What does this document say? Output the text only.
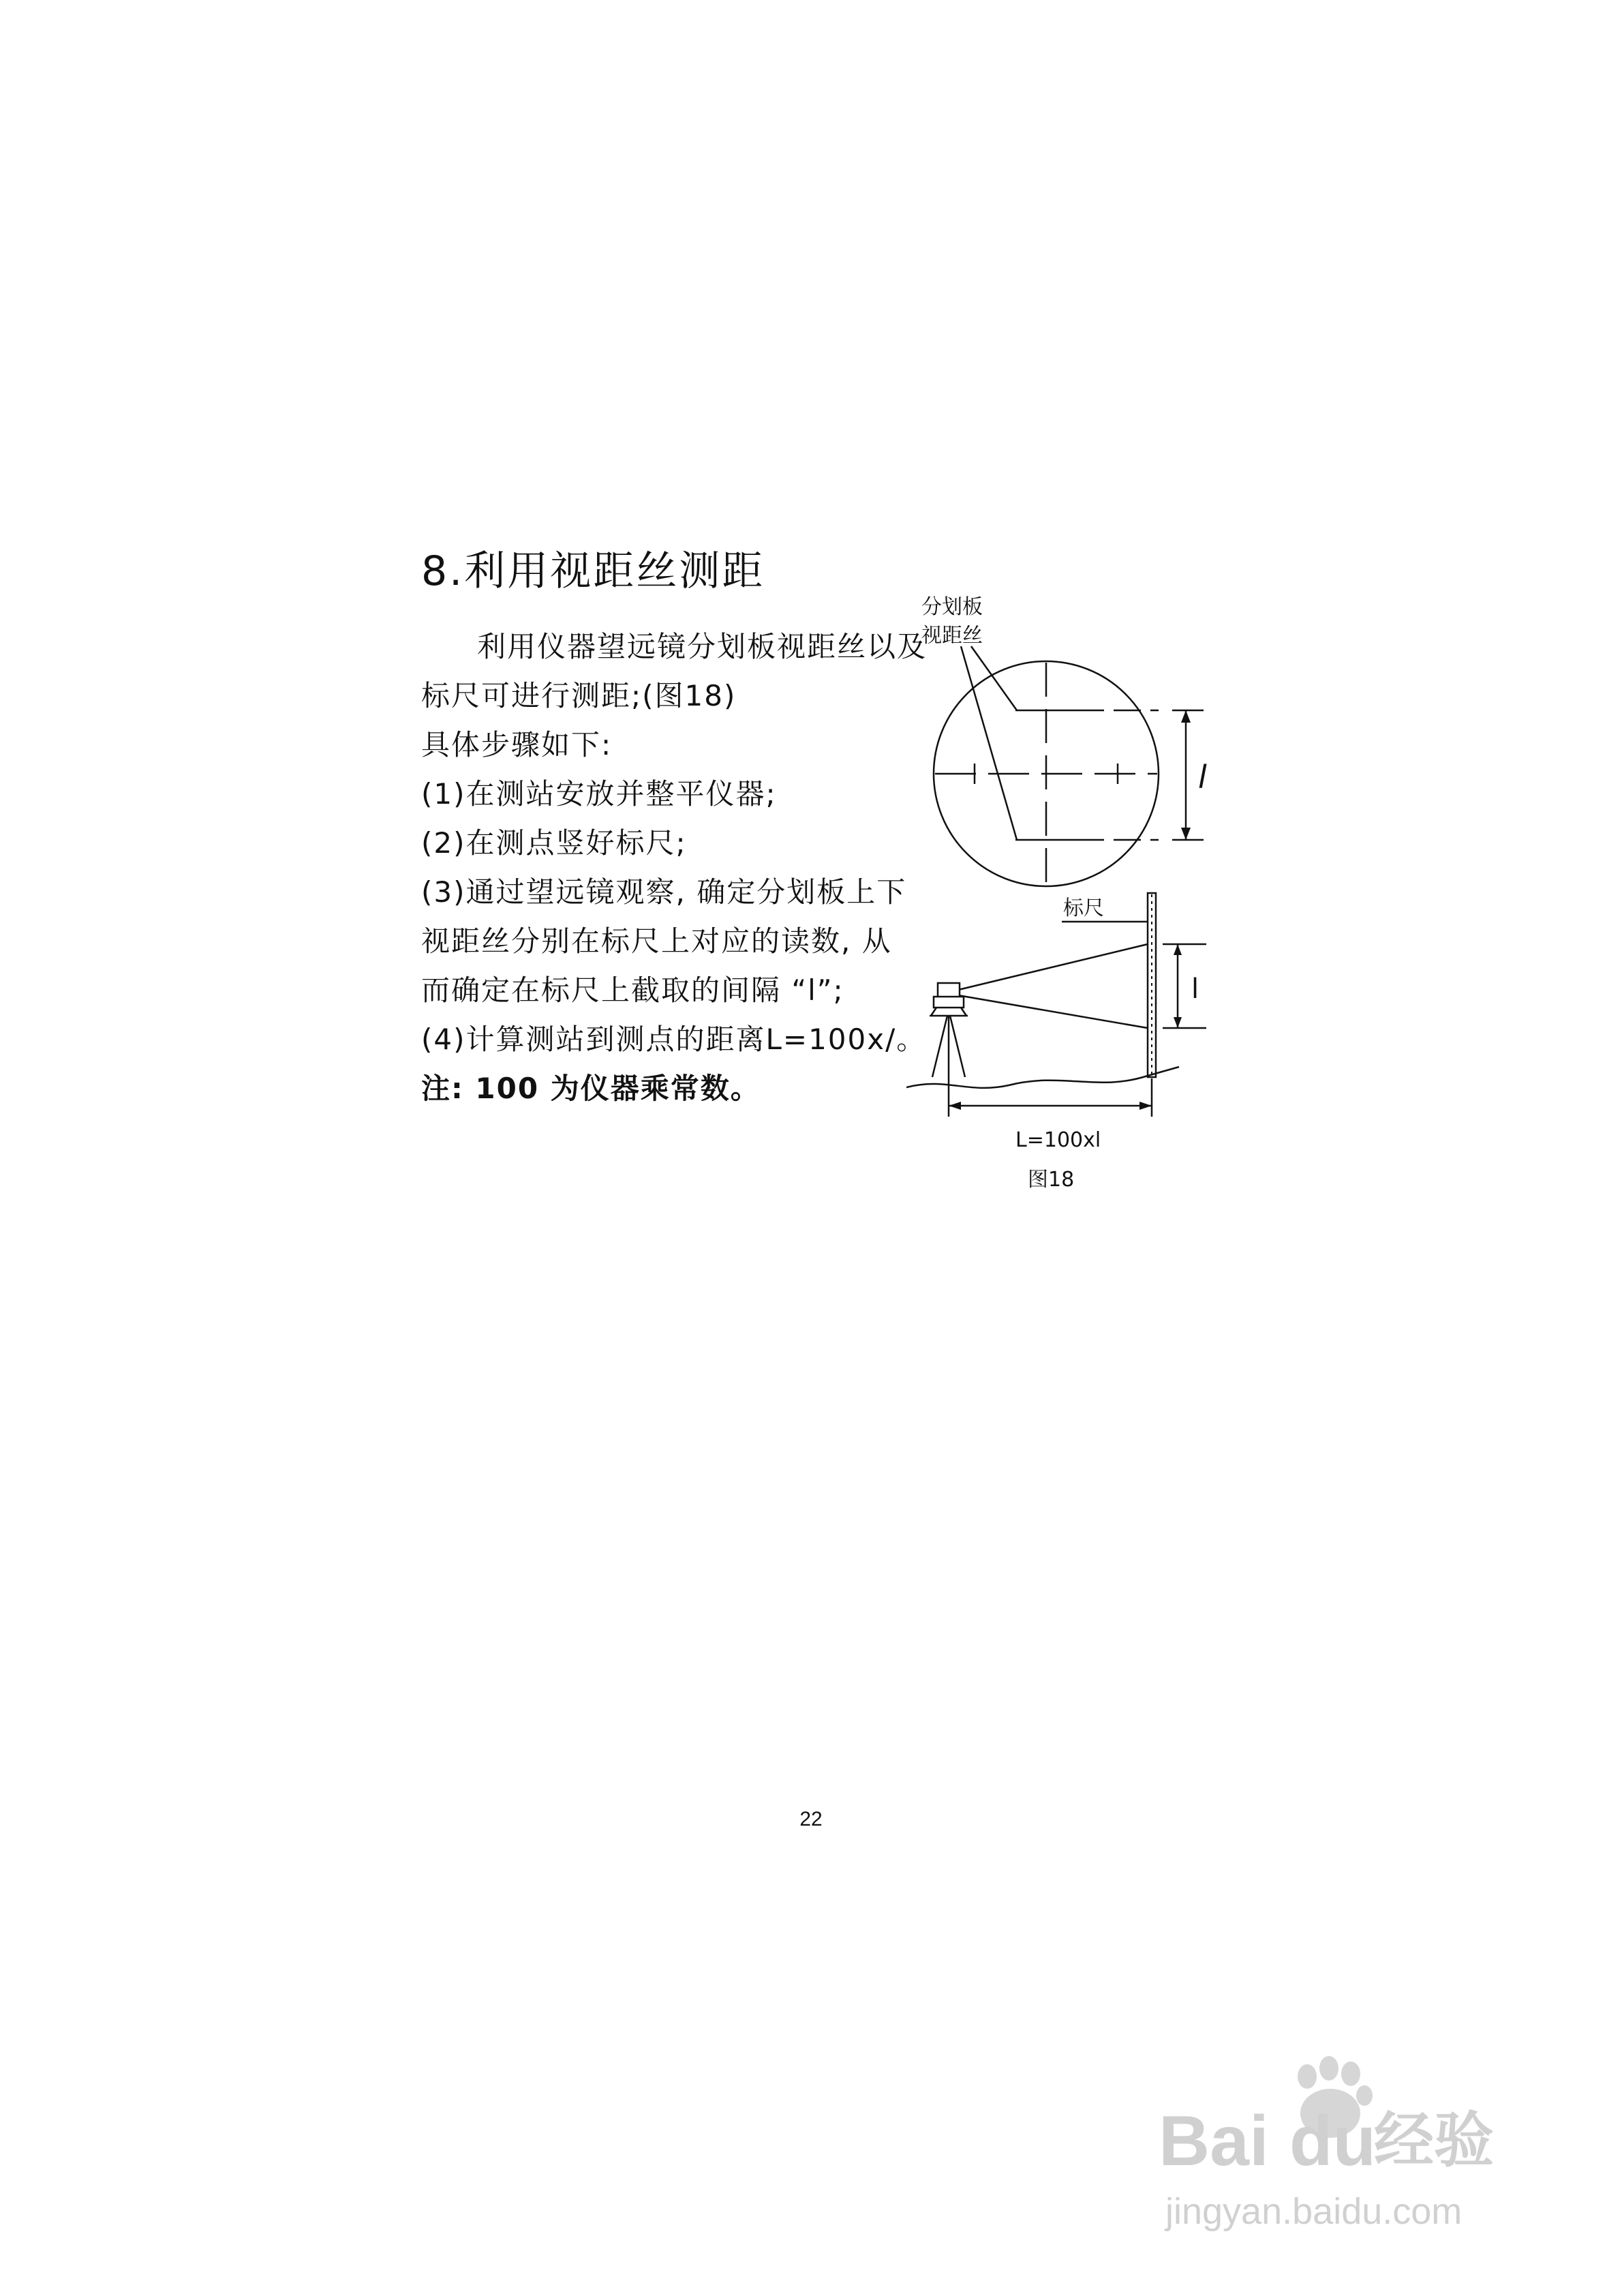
8.利用视距丝测距
利用仪器望远镜分划板视距丝以及
标尺可进行测距;(图18)
具体步骤如下:
(1)在测站安放并整平仪器;
(2)在测点竖好标尺;
(3)通过望远镜观察, 确定分划板上下
视距丝分别在标尺上对应的读数, 从
而确定在标尺上截取的间隔 “l”;
(4)计算测站到测点的距离L=100x/。
注: 100 为仪器乘常数。
分划板
视距丝
l
标尺
l
L=100xl
图18
22
Bai du
经验
jingyan.baidu.com
